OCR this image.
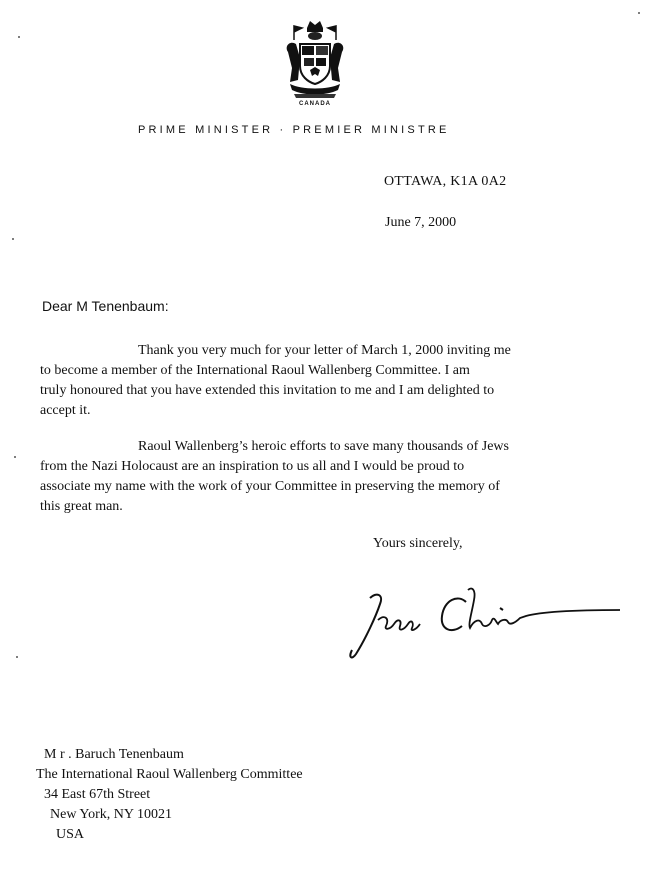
CANADA
PRIME MINISTER · PREMIER MINISTRE
OTTAWA, K1A 0A2
June 7, 2000
Dear M Tenenbaum:

Thank you very much for your letter of March 1, 2000 inviting me
to become a member of the International Raoul Wallenberg Committee. I am
truly honoured that you have extended this invitation to me and I am delighted to
accept it.

Raoul Wallenberg’s heroic efforts to save many thousands of Jews
from the Nazi Holocaust are an inspiration to us all and I would be proud to
associate my name with the work of your Committee in preserving the memory of
this great man.

Yours sincerely,
M r . Baruch Tenenbaum
The International Raoul Wallenberg Committee
34 East 67th Street
New York, NY 10021
USA
